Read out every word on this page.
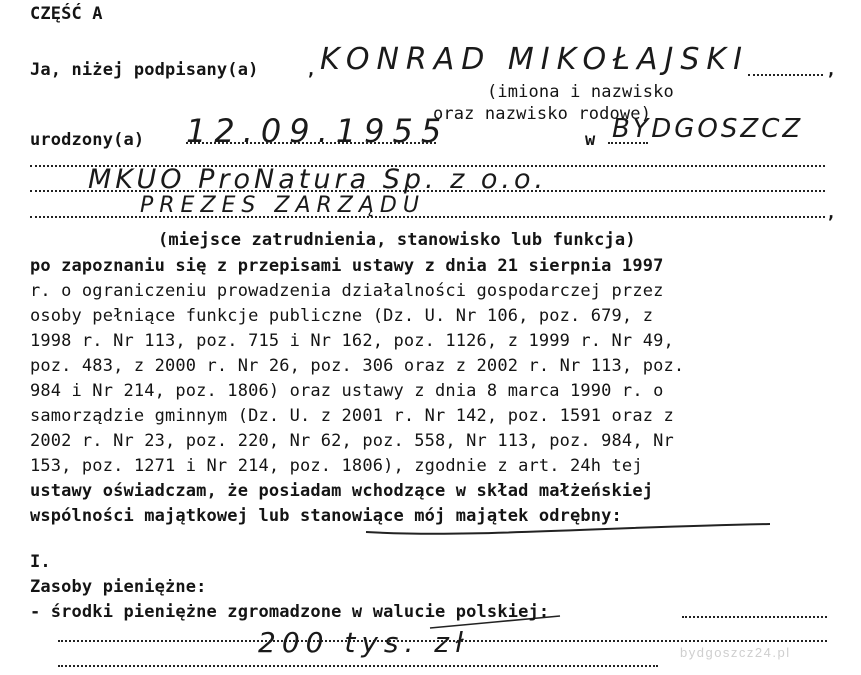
CZĘŚĆ A
Ja, niżej podpisany(a)	, KONRAD MIKOŁAJSKI	,
(imiona i nazwisko
oraz nazwisko rodowe)
urodzony(a) 12.09.1955	w BYDGOSZCZ
MKUO ProNatura Sp. z o.o.
PREZES ZARZĄDU	,
(miejsce zatrudnienia, stanowisko lub funkcja)
po zapoznaniu się z przepisami ustawy z dnia 21 sierpnia 1997
r. o ograniczeniu prowadzenia działalności gospodarczej przez
osoby pełniące funkcje publiczne (Dz. U. Nr 106, poz. 679, z
1998 r. Nr 113, poz. 715 i Nr 162, poz. 1126, z 1999 r. Nr 49,
poz. 483, z 2000 r. Nr 26, poz. 306 oraz z 2002 r. Nr 113, poz.
984 i Nr 214, poz. 1806) oraz ustawy z dnia 8 marca 1990 r. o
samorządzie gminnym (Dz. U. z 2001 r. Nr 142, poz. 1591 oraz z
2002 r. Nr 23, poz. 220, Nr 62, poz. 558, Nr 113, poz. 984, Nr
153, poz. 1271 i Nr 214, poz. 1806), zgodnie z art. 24h tej
ustawy oświadczam, że posiadam wchodzące w skład małżeńskiej
wspólności majątkowej lub stanowiące mój majątek odrębny:
I.
Zasoby pieniężne:
- środki pieniężne zgromadzone w walucie polskiej:
200 tys. zł	bydgoszcz24.pl
